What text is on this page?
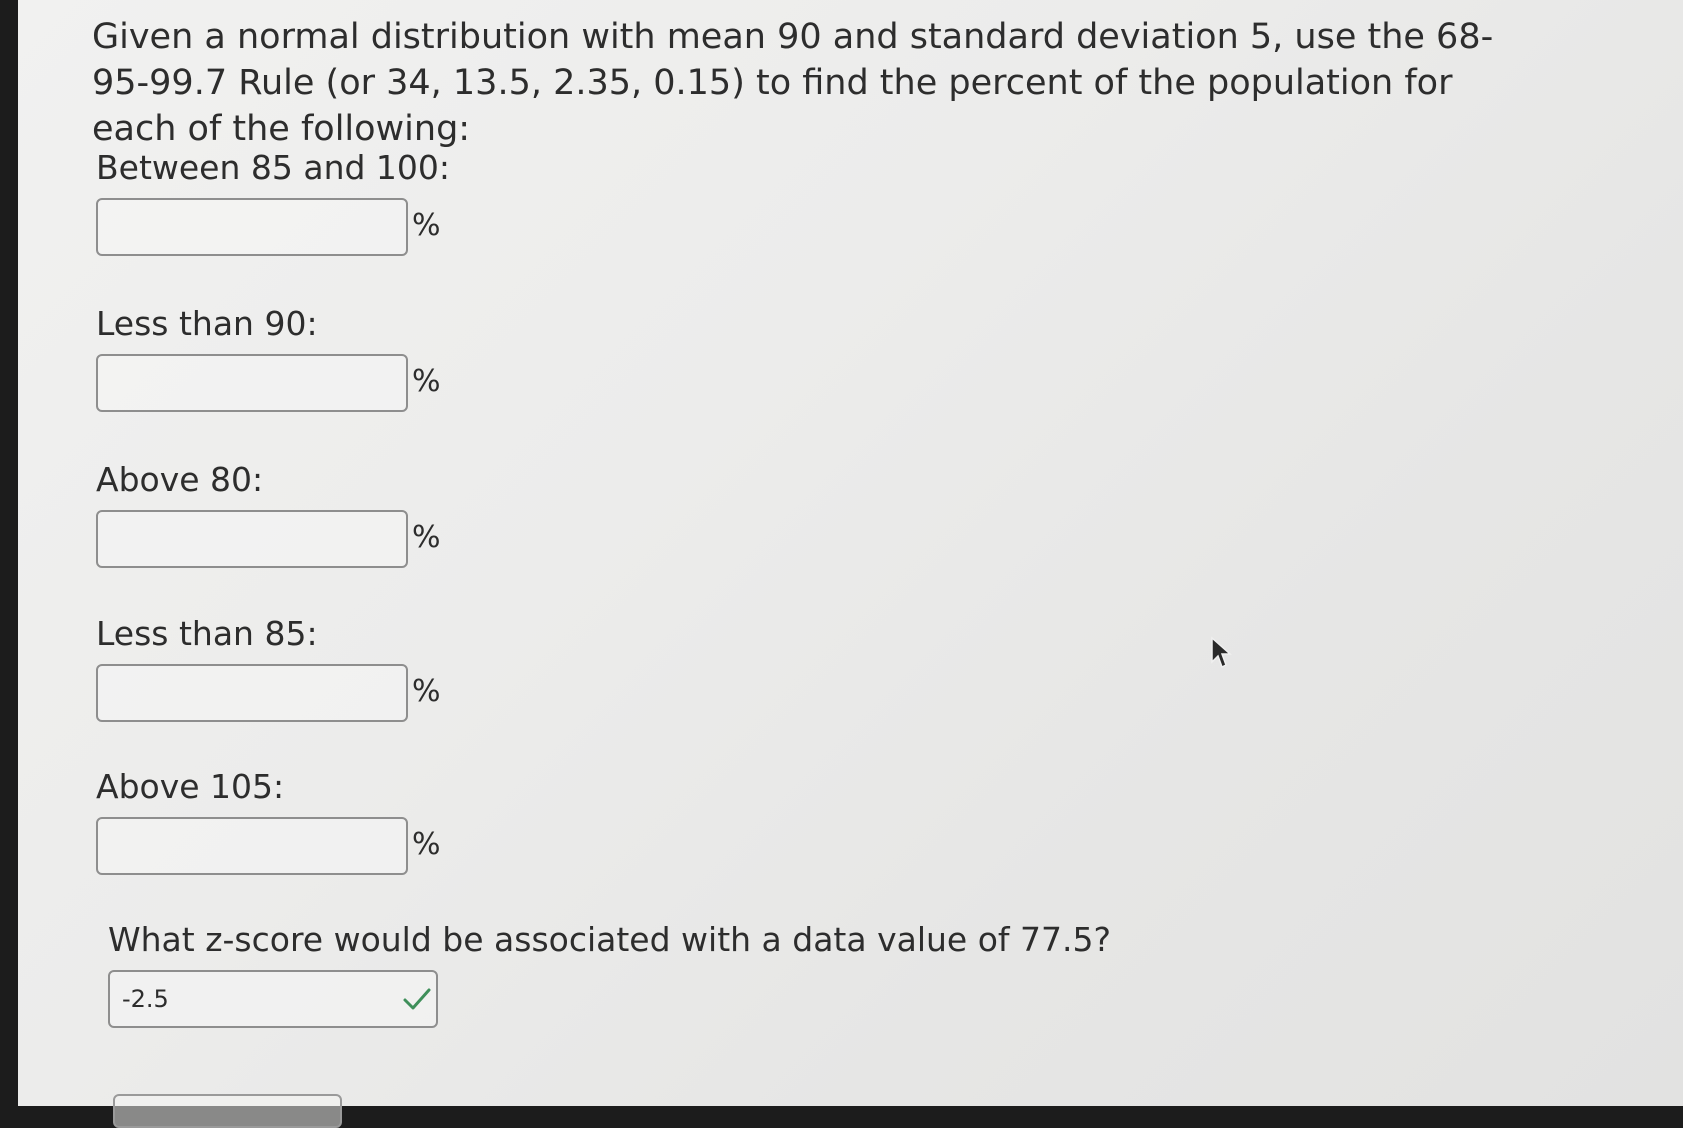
Given a normal distribution with mean 90 and standard deviation 5, use the 68-95-99.7 Rule (or 34, 13.5, 2.35, 0.15) to find the percent of the population for each of the following:

Between 85 and 100:

%

Less than 90:

%

Above 80:

%

Less than 85:

%

Above 105:

%

What z-score would be associated with a data value of 77.5?

-2.5
